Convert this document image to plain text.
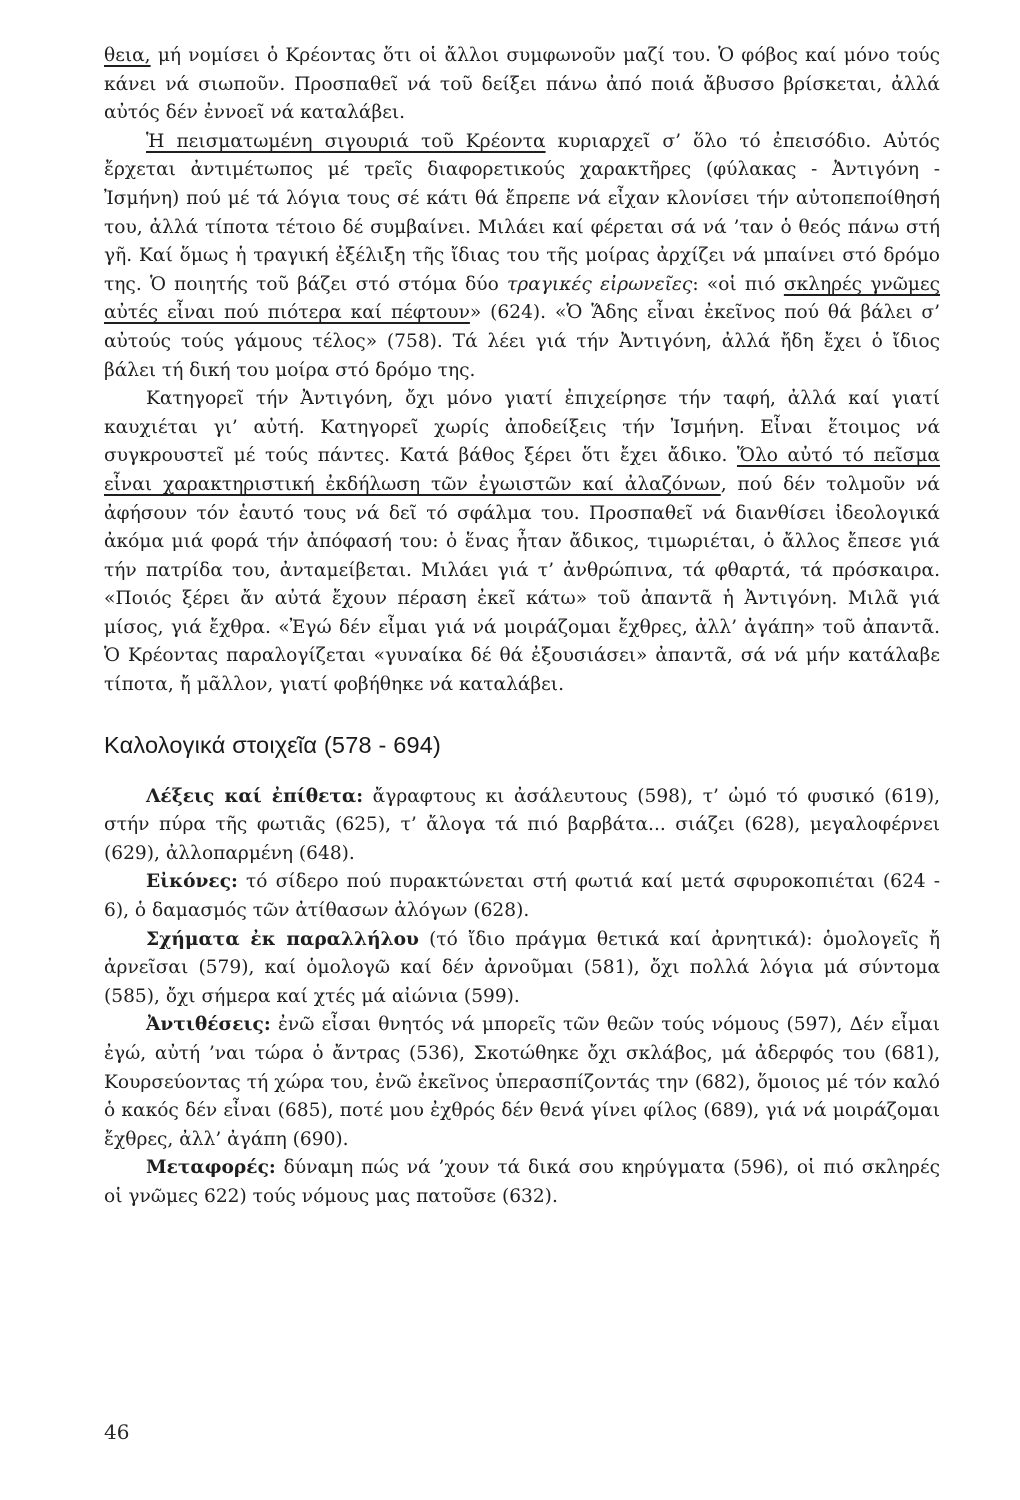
θεια, μή νομίσει ὁ Κρέοντας ὅτι οἱ ἄλλοι συμφωνοῦν μαζί του. Ὁ φόβος καί μόνο τούς κάνει νά σιωποῦν. Προσπαθεῖ νά τοῦ δείξει πάνω ἀπό ποιά ἄβυσσο βρίσκεται, ἀλλά αὐτός δέν ἐννοεῖ νά καταλάβει.

Ἡ πεισματωμένη σιγουριά τοῦ Κρέοντα κυριαρχεῖ σ’ ὅλο τό ἐπεισόδιο. Αὐτός ἔρχεται ἀντιμέτωπος μέ τρεῖς διαφορετικούς χαρακτῆρες (φύλακας - Ἀντιγόνη - Ἰσμήνη) πού μέ τά λόγια τους σέ κάτι θά ἔπρεπε νά εἶχαν κλονίσει τήν αὐτοπεποίθησή του, ἀλλά τίποτα τέτοιο δέ συμβαίνει. Μιλάει καί φέρεται σά νά ’ταν ὁ θεός πάνω στή γῆ. Καί ὅμως ἡ τραγική ἐξέλιξη τῆς ἴδιας του τῆς μοίρας ἀρχίζει νά μπαίνει στό δρόμο της. Ὁ ποιητής τοῦ βάζει στό στόμα δύο τραγικές εἰρωνεῖες: «οἱ πιό σκληρές γνῶμες αὐτές εἶναι πού πιότερα καί πέφτουν» (624). «Ὁ Ἅδης εἶναι ἐκεῖνος πού θά βάλει σ’ αὐτούς τούς γάμους τέλος» (758). Τά λέει γιά τήν Ἀντιγόνη, ἀλλά ἤδη ἔχει ὁ ἴδιος βάλει τή δική του μοίρα στό δρόμο της.

Κατηγορεῖ τήν Ἀντιγόνη, ὄχι μόνο γιατί ἐπιχείρησε τήν ταφή, ἀλλά καί γιατί καυχιέται γι’ αὐτή. Κατηγορεῖ χωρίς ἀποδείξεις τήν Ἰσμήνη. Εἶναι ἕτοιμος νά συγκρουστεῖ μέ τούς πάντες. Κατά βάθος ξέρει ὅτι ἔχει ἄδικο. Ὅλο αὐτό τό πεῖσμα εἶναι χαρακτηριστική ἐκδήλωση τῶν ἐγωιστῶν καί ἀλαζόνων, πού δέν τολμοῦν νά ἀφήσουν τόν ἑαυτό τους νά δεῖ τό σφάλμα του. Προσπαθεῖ νά διανθίσει ἰδεολογικά ἀκόμα μιά φορά τήν ἀπόφασή του: ὁ ἕνας ἦταν ἄδικος, τιμωριέται, ὁ ἄλλος ἔπεσε γιά τήν πατρίδα του, ἀνταμείβεται. Μιλάει γιά τ’ ἀνθρώπινα, τά φθαρτά, τά πρόσκαιρα. «Ποιός ξέρει ἄν αὐτά ἔχουν πέραση ἐκεῖ κάτω» τοῦ ἀπαντᾶ ἡ Ἀντιγόνη. Μιλᾶ γιά μίσος, γιά ἔχθρα. «Ἐγώ δέν εἶμαι γιά νά μοιράζομαι ἔχθρες, ἀλλ’ ἀγάπη» τοῦ ἀπαντᾶ. Ὁ Κρέοντας παραλογίζεται «γυναίκα δέ θά ἐξουσιάσει» ἀπαντᾶ, σά νά μήν κατάλαβε τίποτα, ἤ μᾶλλον, γιατί φοβήθηκε νά καταλάβει.

Καλολογικά στοιχεῖα (578 - 694)

Λέξεις καί ἐπίθετα: ἄγραφτους κι ἀσάλευτους (598), τ’ ὠμό τό φυσικό (619), στήν πύρα τῆς φωτιᾶς (625), τ’ ἄλογα τά πιό βαρβάτα... σιάζει (628), μεγαλοφέρνει (629), ἀλλοπαρμένη (648).

Εἰκόνες: τό σίδερο πού πυρακτώνεται στή φωτιά καί μετά σφυροκοπιέται (624 - 6), ὁ δαμασμός τῶν ἀτίθασων ἀλόγων (628).

Σχήματα ἐκ παραλλήλου (τό ἴδιο πράγμα θετικά καί ἀρνητικά): ὁμολογεῖς ἤ ἀρνεῖσαι (579), καί ὁμολογῶ καί δέν ἀρνοῦμαι (581), ὄχι πολλά λόγια μά σύντομα (585), ὄχι σήμερα καί χτές μά αἰώνια (599).

Ἀντιθέσεις: ἐνῶ εἶσαι θνητός νά μπορεῖς τῶν θεῶν τούς νόμους (597), Δέν εἶμαι ἐγώ, αὐτή ’ναι τώρα ὁ ἄντρας (536), Σκοτώθηκε ὄχι σκλάβος, μά ἀδερφός του (681), Κουρσεύοντας τή χώρα του, ἐνῶ ἐκεῖνος ὑπερασπίζοντάς την (682), ὅμοιος μέ τόν καλό ὁ κακός δέν εἶναι (685), ποτέ μου ἐχθρός δέν θενά γίνει φίλος (689), γιά νά μοιράζομαι ἔχθρες, ἀλλ’ ἀγάπη (690).

Μεταφορές: δύναμη πώς νά ’χουν τά δικά σου κηρύγματα (596), οἱ πιό σκληρές οἱ γνῶμες 622) τούς νόμους μας πατοῦσε (632).

46
